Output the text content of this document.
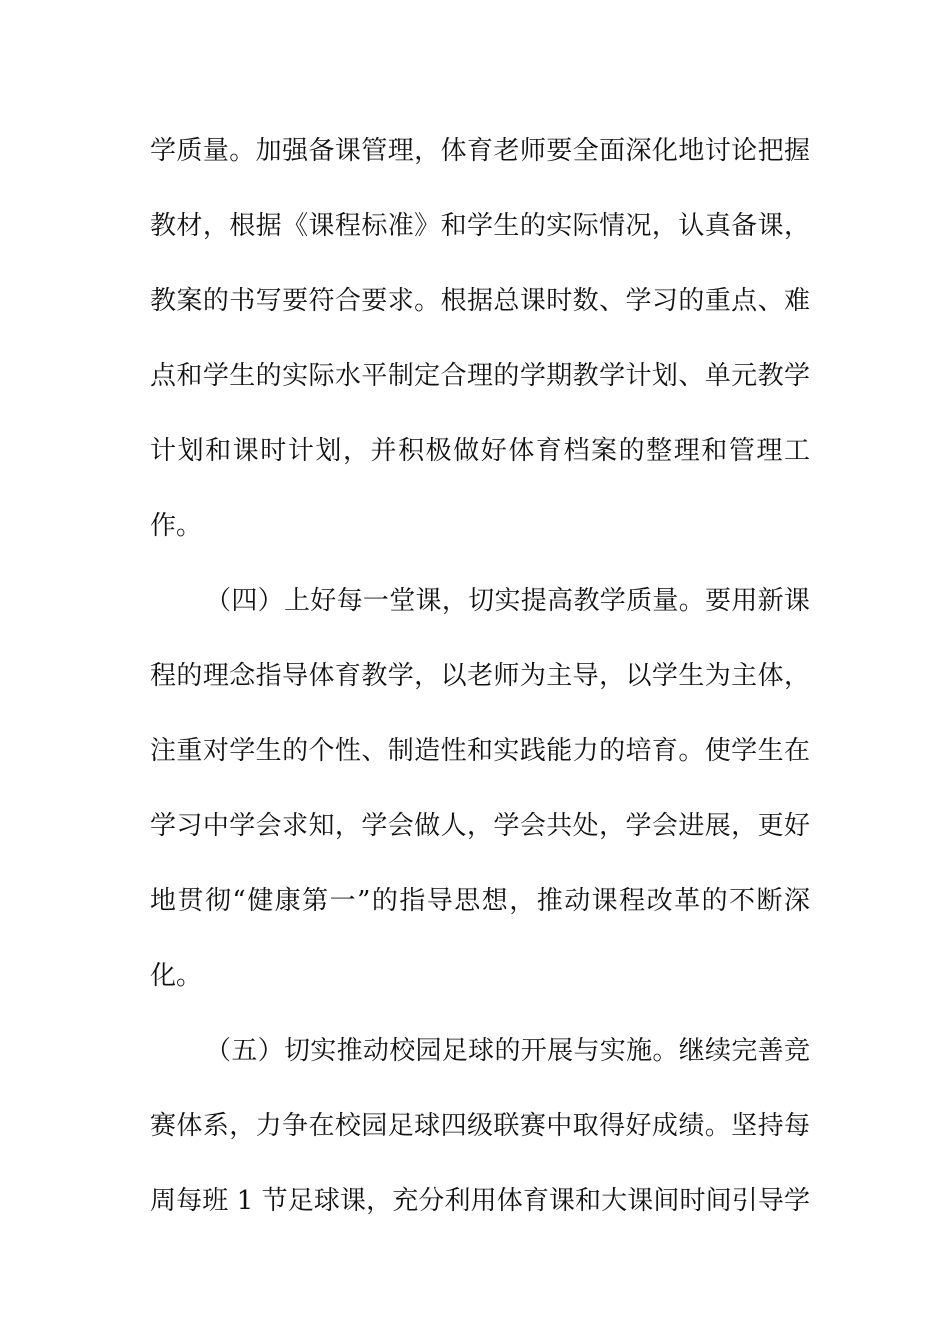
学质量。加强备课管理，体育老师要全面深化地讨论把握
教材，根据《课程标准》和学生的实际情况，认真备课，
教案的书写要符合要求。根据总课时数、学习的重点、难
点和学生的实际水平制定合理的学期教学计划、单元教学
计划和课时计划，并积极做好体育档案的整理和管理工
作。
（四）上好每一堂课，切实提高教学质量。要用新课
程的理念指导体育教学，以老师为主导，以学生为主体，
注重对学生的个性、制造性和实践能力的培育。使学生在
学习中学会求知，学会做人，学会共处，学会进展，更好
地贯彻“健康第一”的指导思想，推动课程改革的不断深
化。
（五）切实推动校园足球的开展与实施。继续完善竞
赛体系，力争在校园足球四级联赛中取得好成绩。坚持每
周每班 1 节足球课，充分利用体育课和大课间时间引导学
